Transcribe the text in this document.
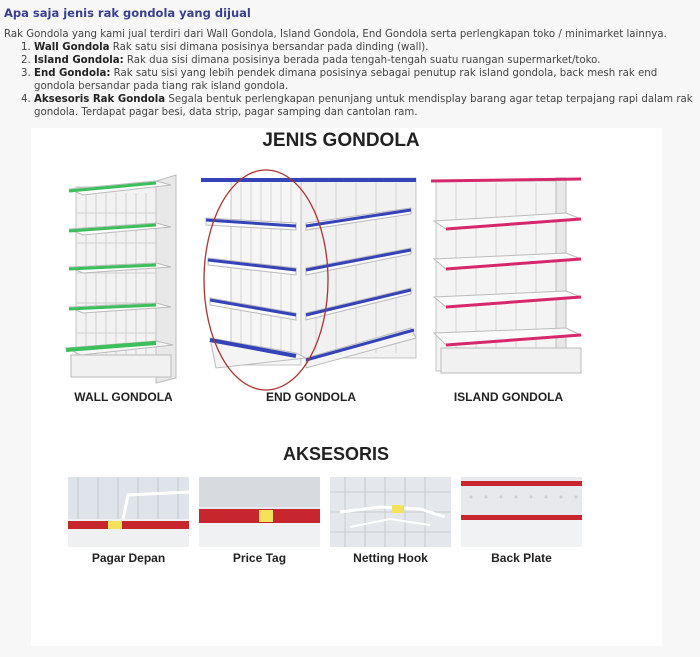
Apa saja jenis rak gondola yang dijual
Rak Gondola yang kami jual terdiri dari Wall Gondola, Island Gondola, End Gondola serta perlengkapan toko / minimarket lainnya.
1. Wall Gondola Rak satu sisi dimana posisinya bersandar pada dinding (wall).
2. Island Gondola: Rak dua sisi dimana posisinya berada pada tengah-tengah suatu ruangan supermarket/toko.
3. End Gondola: Rak satu sisi yang lebih pendek dimana posisinya sebagai penutup rak island gondola, back mesh rak end gondola bersandar pada tiang rak island gondola.
4. Aksesoris Rak Gondola Segala bentuk perlengkapan penunjang untuk mendisplay barang agar tetap terpajang rapi dalam rak gondola. Terdapat pagar besi, data strip, pagar samping dan cantolan ram.
JENIS GONDOLA
WALL GONDOLA	END GONDOLA	ISLAND GONDOLA
AKSESORIS
Pagar Depan	Price Tag	Netting Hook	Back Plate
